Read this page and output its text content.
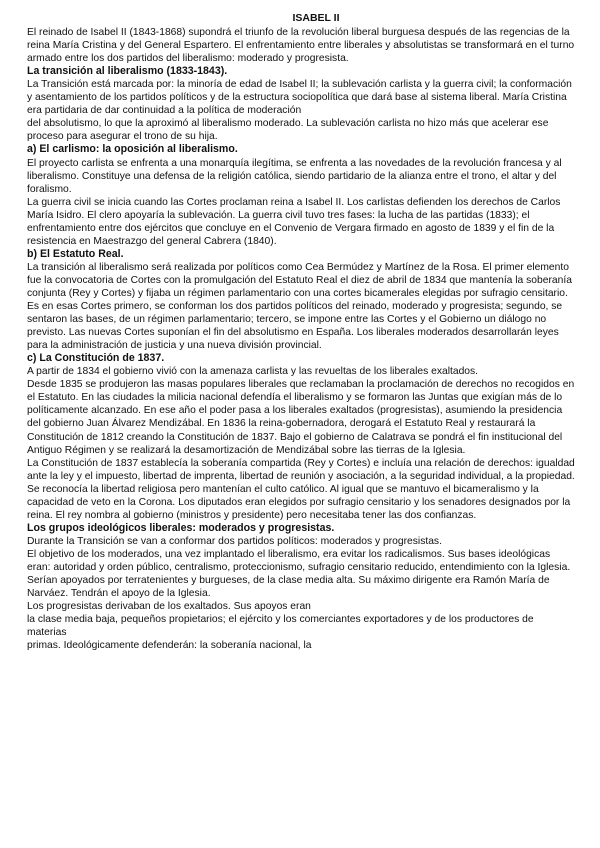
ISABEL II

El reinado de Isabel II (1843-1868) supondrá el triunfo de la revolución liberal burguesa después de las regencias de la reina María Cristina y del General Espartero. El enfrentamiento entre liberales y absolutistas se transformará en el turno armado entre los dos partidos del liberalismo: moderado y progresista.

La transición al liberalismo (1833-1843).

La Transición está marcada por: la minoría de edad de Isabel II; la sublevación carlista y la guerra civil; la conformación y asentamiento de los partidos políticos y de la estructura sociopolítica que dará base al sistema liberal. María Cristina era partidaria de dar continuidad a la política de moderación

del absolutismo, lo que la aproximó al liberalismo moderado. La sublevación carlista no hizo más que acelerar ese proceso para asegurar el trono de su hija.

a) El carlismo: la oposición al liberalismo.

El proyecto carlista se enfrenta a una monarquía ilegítima, se enfrenta a las novedades de la revolución francesa y al liberalismo. Constituye una defensa de la religión católica, siendo partidario de la alianza entre el trono, el altar y del foralismo.

La guerra civil se inicia cuando las Cortes proclaman reina a Isabel II. Los carlistas defienden los derechos de Carlos María Isidro. El clero apoyaría la sublevación. La guerra civil tuvo tres fases: la lucha de las partidas (1833); el enfrentamiento entre dos ejércitos que concluye en el Convenio de Vergara firmado en agosto de 1839 y el fin de la resistencia en Maestrazgo del general Cabrera (1840).

b) El Estatuto Real.

La transición al liberalismo será realizada por políticos como Cea Bermúdez y Martínez de la Rosa. El primer elemento fue la convocatoria de Cortes con la promulgación del Estatuto Real el diez de abril de 1834 que mantenía la soberanía conjunta (Rey y Cortes) y fijaba un régimen parlamentario con una cortes bicamerales elegidas por sufragio censitario. Es en esas Cortes primero, se conforman los dos partidos políticos del reinado, moderado y progresista; segundo, se sentaron las bases, de un régimen parlamentario; tercero, se impone entre las Cortes y el Gobierno un diálogo no previsto. Las nuevas Cortes suponían el fin del absolutismo en España. Los liberales moderados desarrollarán leyes para la administración de justicia y una nueva división provincial.

c) La Constitución de 1837.

A partir de 1834 el gobierno vivió con la amenaza carlista y las revueltas de los liberales exaltados.

Desde 1835 se produjeron las masas populares liberales que reclamaban la proclamación de derechos no recogidos en el Estatuto. En las ciudades la milicia nacional defendía el liberalismo y se formaron las Juntas que exigían más de lo políticamente alcanzado. En ese año el poder pasa a los liberales exaltados (progresistas), asumiendo la presidencia del gobierno Juan Álvarez Mendizábal. En 1836 la reina-gobernadora, derogará el Estatuto Real y restaurará la Constitución de 1812 creando la Constitución de 1837. Bajo el gobierno de Calatrava se pondrá el fin institucional del Antiguo Régimen y se realizará la desamortización de Mendizábal sobre las tierras de la Iglesia.

La Constitución de 1837 establecía la soberanía compartida (Rey y Cortes) e incluía una relación de derechos: igualdad ante la ley y el impuesto, libertad de imprenta, libertad de reunión y asociación, a la seguridad individual, a la propiedad. Se reconocía la libertad religiosa pero mantenían el culto católico. Al igual que se mantuvo el bicameralismo y la capacidad de veto en la Corona. Los diputados eran elegidos por sufragio censitario y los senadores designados por la reina. El rey nombra al gobierno (ministros y presidente) pero necesitaba tener las dos confianzas.

Los grupos ideológicos liberales: moderados y progresistas.

Durante la Transición se van a conformar dos partidos políticos: moderados y progresistas.

El objetivo de los moderados, una vez implantado el liberalismo, era evitar los radicalismos. Sus bases ideológicas eran: autoridad y orden público, centralismo, proteccionismo, sufragio censitario reducido, entendimiento con la Iglesia. Serían apoyados por terratenientes y burgueses, de la clase media alta. Su máximo dirigente era Ramón María de Narváez. Tendrán el apoyo de la Iglesia.

Los progresistas derivaban de los exaltados. Sus apoyos eran

la clase media baja, pequeños propietarios; el ejército y los comerciantes exportadores y de los productores de materias

primas. Ideológicamente defenderán: la soberanía nacional, la
